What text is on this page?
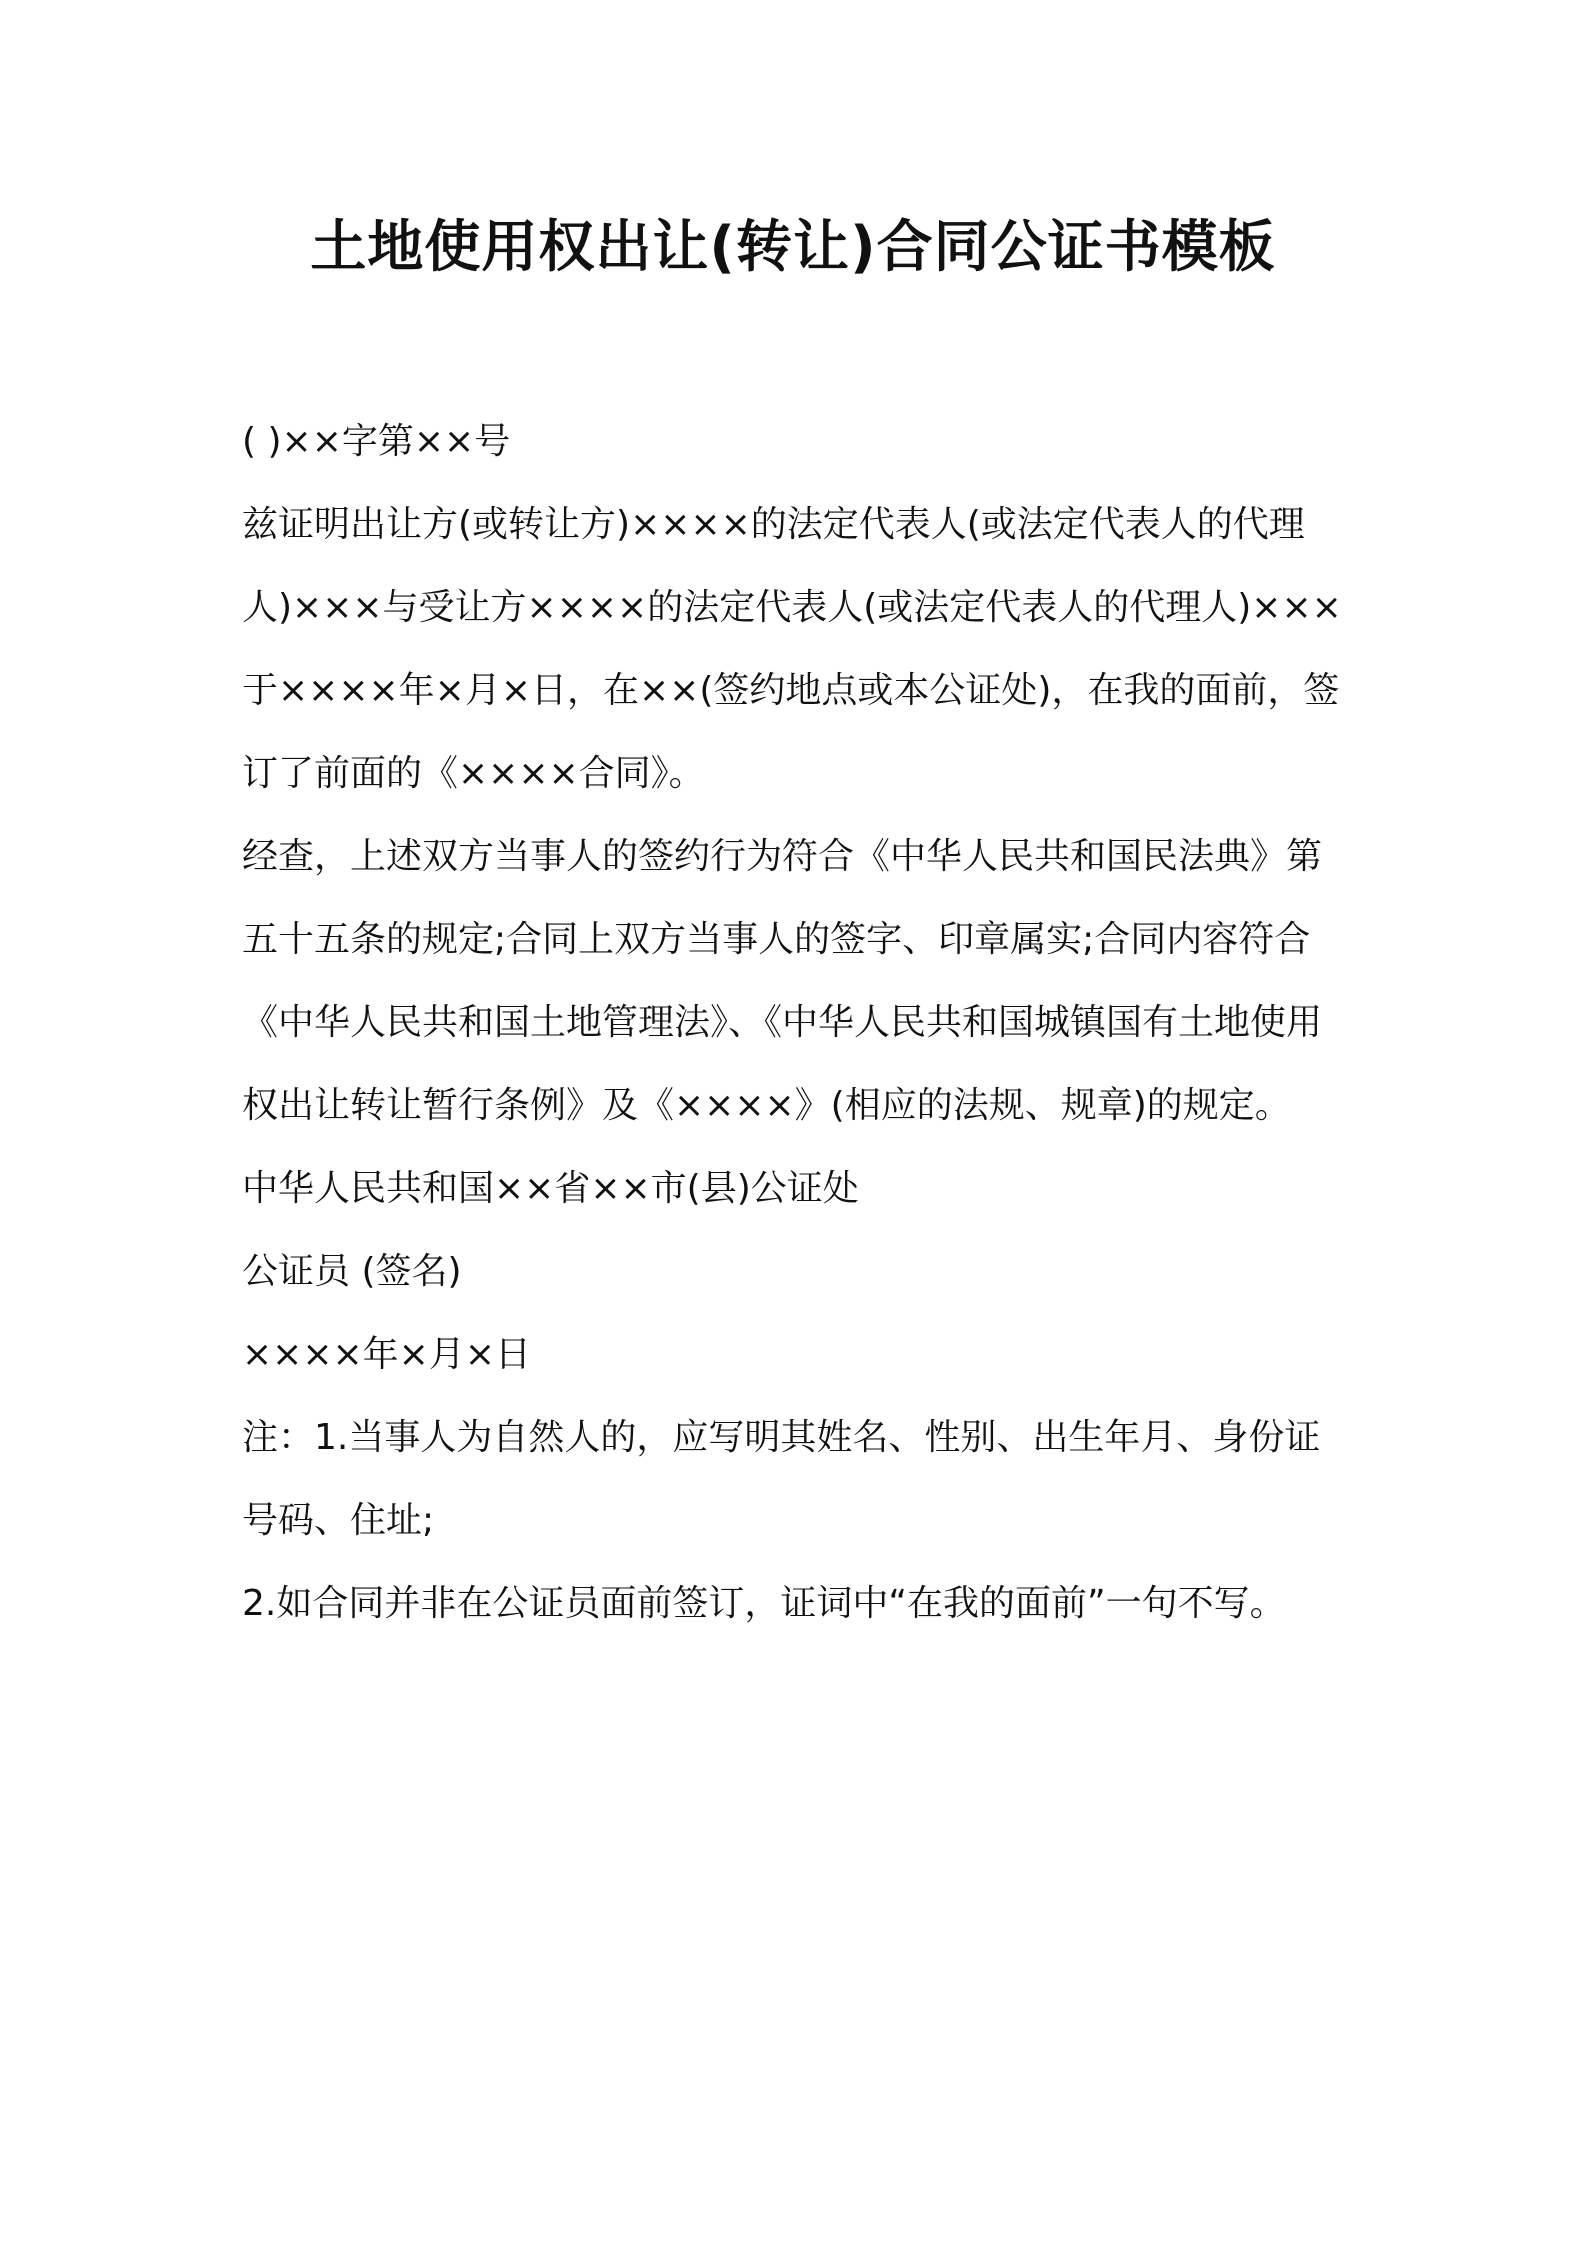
土地使用权出让(转让)合同公证书模板

( )××字第××号

兹证明出让方(或转让方)××××的法定代表人(或法定代表人的代理人)×××与受让方××××的法定代表人(或法定代表人的代理人)×××于××××年×月×日，在××(签约地点或本公证处)，在我的面前，签订了前面的《××××合同》。

经查，上述双方当事人的签约行为符合《中华人民共和国民法典》第五十五条的规定;合同上双方当事人的签字、印章属实;合同内容符合《中华人民共和国土地管理法》、《中华人民共和国城镇国有土地使用权出让转让暂行条例》及《××××》(相应的法规、规章)的规定。

中华人民共和国××省××市(县)公证处

公证员 (签名)

××××年×月×日

注：1.当事人为自然人的，应写明其姓名、性别、出生年月、身份证号码、住址;

2.如合同并非在公证员面前签订，证词中“在我的面前”一句不写。
